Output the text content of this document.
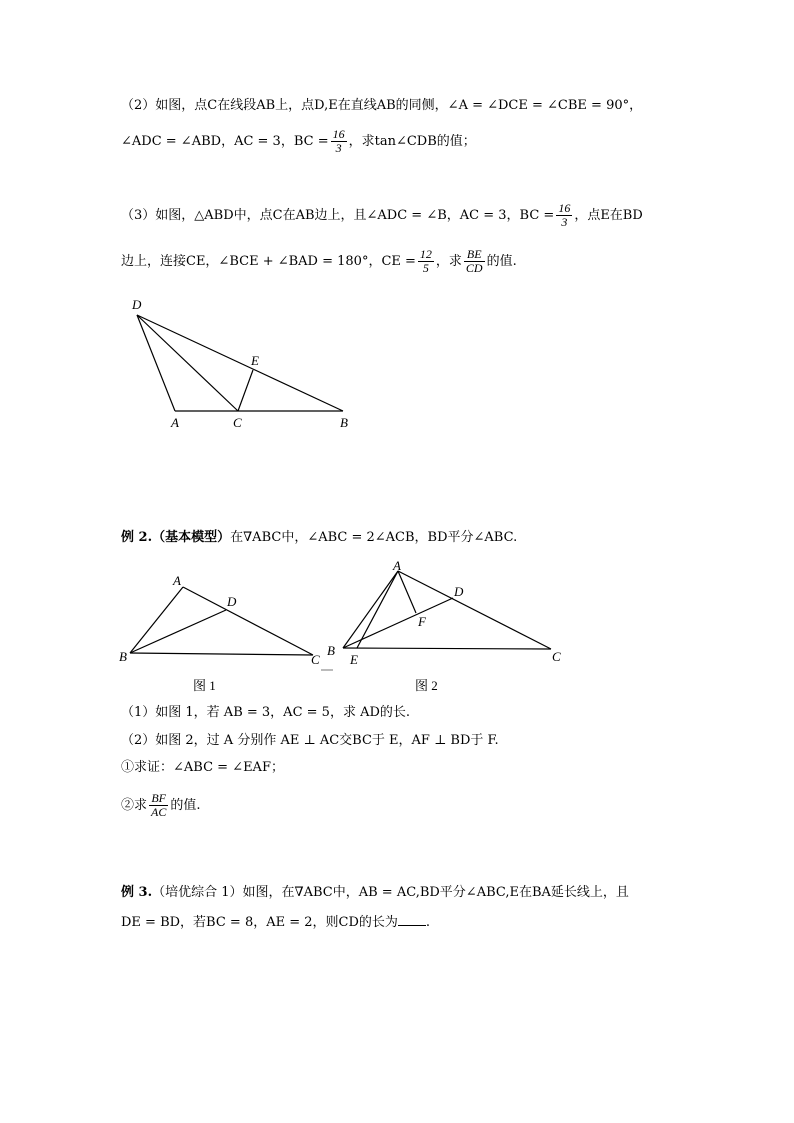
（2）如图，点C在线段AB上，点D,E在直线AB的同侧，∠A = ∠DCE = ∠CBE = 90°，
∠ADC = ∠ABD，AC = 3，BC = $\frac{16}{3}$ ，求tan∠CDB的值；
（3）如图，△ABD中，点C在AB边上，且∠ADC = ∠B，AC = 3，BC = $\frac{16}{3}$ ，点E在BD
边上，连接CE，∠BCE + ∠BAD = 180°，CE = $\frac{12}{5}$ ，求 $\frac{BE}{CD}$ 的值.
D
E
A	C	B
A
D
B	C
图 1
A
D
F
B
E	C
图 2
例 2.（基本模型）在∇ABC中，∠ABC = 2∠ACB，BD平分∠ABC.
（1）如图 1，若 AB = 3，AC = 5，求 AD的长.
（2）如图 2，过 A 分别作 AE ⊥ AC交BC于 E，AF ⊥ BD于 F.
①求证：∠ABC = ∠EAF；
②求 $\frac{BF}{AC}$ 的值.
例 3.（培优综合 1）如图，在∇ABC中，AB = AC,BD平分∠ABC,E在BA延长线上，且
DE = BD，若BC = 8，AE = 2，则CD的长为 .
